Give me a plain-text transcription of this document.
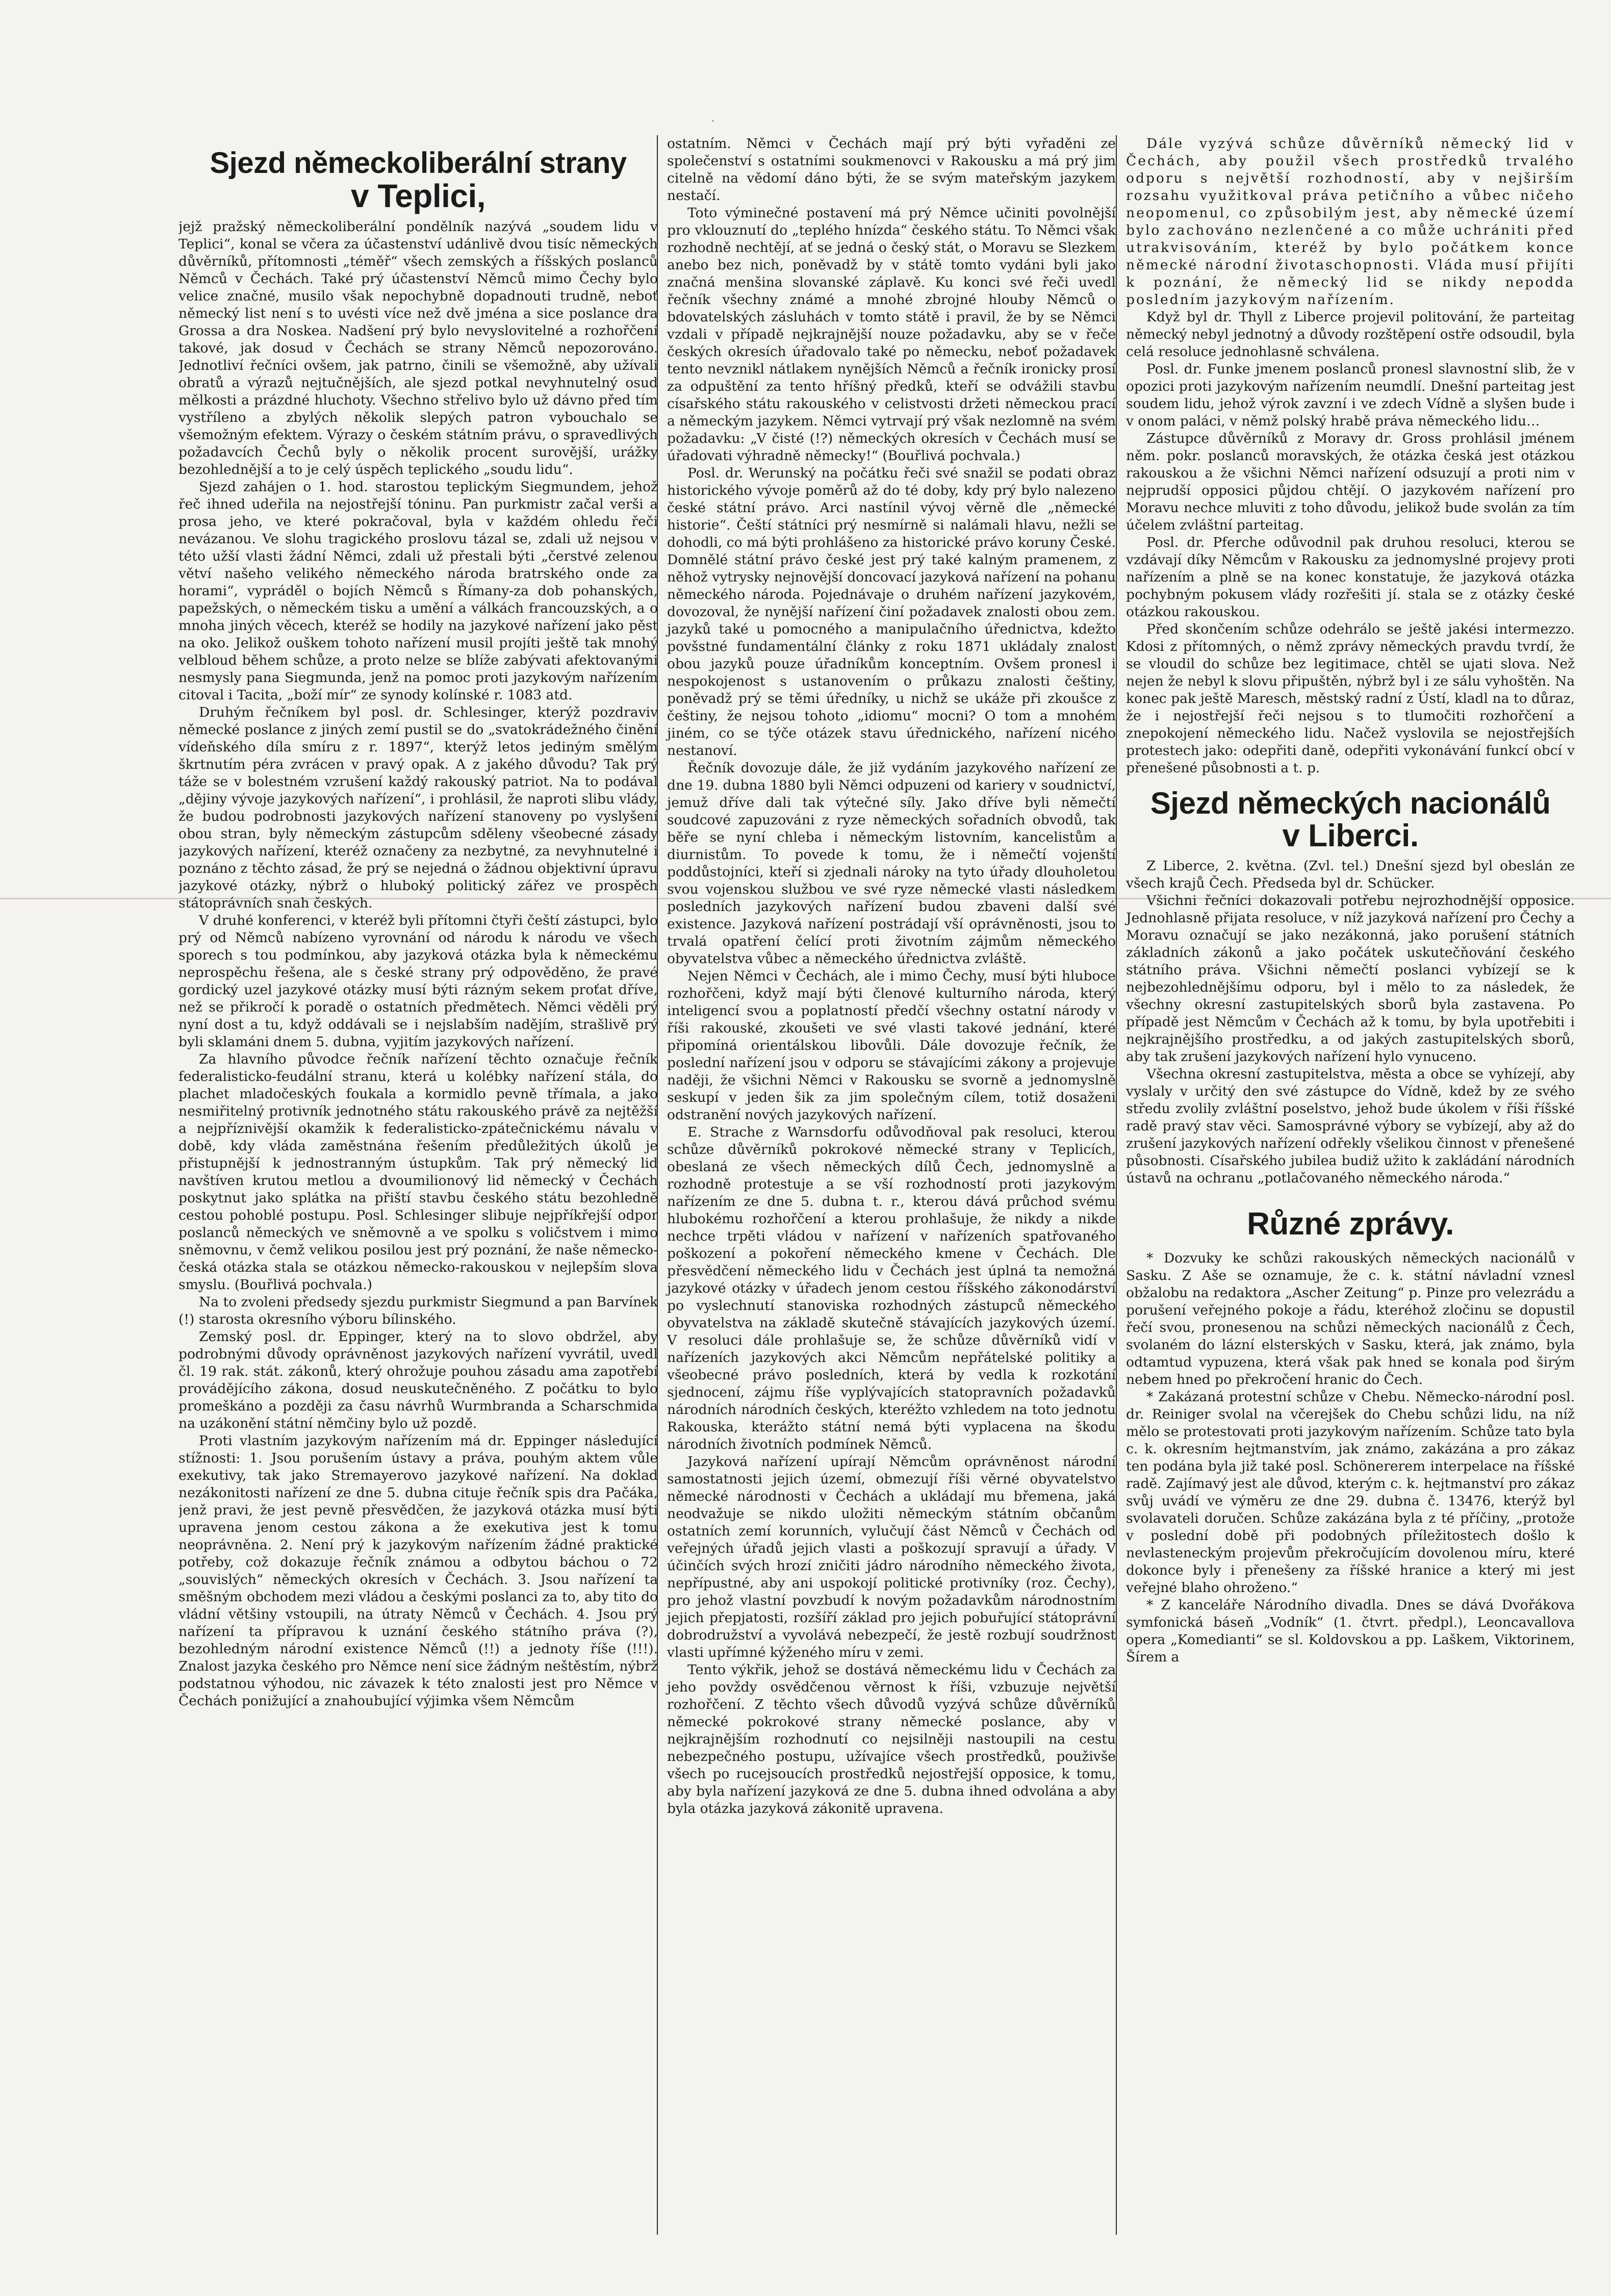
·
Sjezd německoliberální strany
v Teplici,

jejž pražský německoliberální pondělník nazývá „soudem lidu v Teplici“, konal se včera za účastenství udánlivě dvou tisíc německých důvěrníků, přítomnosti „téměř“ všech zemských a říšských poslanců Němců v Čechách. Také prý účastenství Němců mimo Čechy bylo velice značné, musilo však nepochybně dopadnouti trudně, neboť německý list není s to uvésti více než dvě jména a sice poslance dra Grossa a dra Noskea. Nadšení prý bylo nevyslovitelné a rozhořčení takové, jak dosud v Čechách se strany Němců nepozorováno. Jednotliví řečníci ovšem, jak patrno, činili se všemožně, aby užívali obratů a výrazů nejtučnějších, ale sjezd potkal nevyhnutelný osud mělkosti a prázdné hluchoty. Všechno střelivo bylo už dávno před tím vystříleno a zbylých několik slepých patron vybouchalo se všemožným efektem. Výrazy o českém státním právu, o spravedlivých požadavcích Čechů byly o několik procent surovější, urážky bezohlednější a to je celý úspěch teplického „soudu lidu“.

Sjezd zahájen o 1. hod. starostou teplickým Siegmundem, jehož řeč ihned udeřila na nejostřejší tóninu. Pan purkmistr začal verši a prosa jeho, ve které pokračoval, byla v každém ohledu řeči nevázanou. Ve slohu tragického proslovu tázal se, zdali už nejsou v této užší vlasti žádní Němci, zdali už přestali býti „čerstvé zelenou větví našeho velikého německého národa bratrského onde za horami“, vypráděl o bojích Němců s Římany-za dob pohanských, papežských, o německém tisku a umění a válkách francouzských, a o mnoha jiných věcech, kteréž se hodily na jazykové nařízení jako pěst na oko. Jelikož ouškem tohoto nařízení musil projíti ještě tak mnohý velbloud během schůze, a proto nelze se blíže zabývati afektovanými nesmysly pana Siegmunda, jenž na pomoc proti jazykovým nařízením citoval i Tacita, „boží mír“ ze synody kolínské r. 1083 atd.

Druhým řečníkem byl posl. dr. Schlesinger, kterýž pozdraviv německé poslance z jiných zemí pustil se do „svatokrádežného činění vídeňského díla smíru z r. 1897“, kterýž letos jediným smělým škrtnutím péra zvrácen v pravý opak. A z jakého důvodu? Tak prý táže se v bolestném vzrušení každý rakouský patriot. Na to podával „dějiny vývoje jazykových nařízení“, i prohlásil, že naproti slibu vlády, že budou podrobnosti jazykových nařízení stanoveny po vyslyšení obou stran, byly německým zástupcům sděleny všeobecné zásady jazykových nařízení, kteréž označeny za nezbytné, za nevyhnutelné i poznáno z těchto zásad, že prý se nejedná o žádnou objektivní úpravu jazykové otázky, nýbrž o hluboký politický zářez ve prospěch státoprávních snah českých.

V druhé konferenci, v kteréž byli přítomni čtyři čeští zástupci, bylo prý od Němců nabízeno vyrovnání od národu k národu ve všech sporech s tou podmínkou, aby jazyková otázka byla k německému neprospěchu řešena, ale s české strany prý odpověděno, že pravé gordický uzel jazykové otázky musí býti rázným sekem proťat dříve, než se přikročí k poradě o ostatních předmětech. Němci věděli prý nyní dost a tu, když oddávali se i nejslabším nadějím, strašlivě prý byli sklamáni dnem 5. dubna, vyjitím jazykových nařízení.

Za hlavního původce řečník nařízení těchto označuje řečník federalisticko-feudální stranu, která u kolébky nařízení stála, do plachet mladočeských foukala a kormidlo pevně třímala, a jako nesmiřitelný protivník jednotného státu rakouského právě za nejtěžší a nejpříznivější okamžik k federalisticko-zpátečnickému návalu v době, kdy vláda zaměstnána řešením předůležitých úkolů je přistupnější k jednostranným ústupkům. Tak prý německý lid navštíven krutou metlou a dvoumilionový lid německý v Čechách poskytnut jako splátka na přiští stavbu českého státu bezohledně cestou pohoblé postupu. Posl. Schlesinger slibuje nejpříkřejší odpor poslanců německých ve sněmovně a ve spolku s voličstvem i mimo sněmovnu, v čemž velikou posilou jest prý poznání, že naše německo-česká otázka stala se otázkou německo-rakouskou v nejlepším slova smyslu. (Bouřlivá pochvala.)

Na to zvoleni předsedy sjezdu purkmistr Siegmund a pan Barvínek (!) starosta okresního výboru bílinského.

Zemský posl. dr. Eppinger, který na to slovo obdržel, aby podrobnými důvody oprávněnost jazykových nařízení vyvrátil, uvedl čl. 19 rak. stát. zákonů, který ohrožuje pouhou zásadu ama zapotřebí provádějícího zákona, dosud neuskutečněného. Z počátku to bylo promeškáno a později za času návrhů Wurmbranda a Scharschmida na uzákonění státní němčiny bylo už pozdě.

Proti vlastním jazykovým nařízením má dr. Eppinger následující stížnosti: 1. Jsou porušením ústavy a práva, pouhým aktem vůle exekutivy, tak jako Stremayerovo jazykové nařízení. Na doklad nezákonitosti nařízení ze dne 5. dubna cituje řečník spis dra Pačáka, jenž pravi, že jest pevně přesvědčen, že jazyková otázka musí býti upravena jenom cestou zákona a že exekutiva jest k tomu neoprávněna. 2. Není prý k jazykovým nařízením žádné praktické potřeby, což dokazuje řečník známou a odbytou báchou o 72 „souvislých“ německých okresích v Čechách. 3. Jsou nařízení ta směšným obchodem mezi vládou a českými poslanci za to, aby tito do vládní většiny vstoupili, na útraty Němců v Čechách. 4. Jsou prý nařízení ta přípravou k uznání českého státního práva (?), bezohledným národní existence Němců (!!) a jednoty říše (!!!). Znalost jazyka českého pro Němce není sice žádným neštěstím, nýbrž podstatnou výhodou, nic závazek k této znalosti jest pro Němce v Čechách ponižující a znahoubující výjimka všem Němcům

ostatním. Němci v Čechách mají prý býti vyřaděni ze společenství s ostatními soukmenovci v Rakousku a má prý jim citelně na vědomí dáno býti, že se svým mateřským jazykem nestačí.

Toto výminečné postavení má prý Němce učiniti povolnější pro vklouznutí do „teplého hnízda“ českého státu. To Němci však rozhodně nechtějí, ať se jedná o český stát, o Moravu se Slezkem anebo bez nich, poněvadž by v státě tomto vydáni byli jako značná menšina slovanské záplavě. Ku konci své řeči uvedl řečník všechny známé a mnohé zbrojné hlouby Němců o bdovatelských zásluhách v tomto státě i pravil, že by se Němci vzdali v případě nejkrajnější nouze požadavku, aby se v řeče českých okresích úřadovalo také po německu, neboť požadavek tento nevznikl nátlakem nynějších Němců a řečník ironicky prosí za odpuštění za tento hříšný předků, kteří se odvážili stavbu císařského státu rakouského v celistvosti držeti německou prací a německým jazykem. Němci vytrvají prý však nezlomně na svém požadavku: „V čisté (!?) německých okresích v Čechách musí se úřadovati výhradně německy!“ (Bouřlivá pochvala.)

Posl. dr. Werunský na počátku řeči své snažil se podati obraz historického vývoje poměrů až do té doby, kdy prý bylo nalezeno české státní právo. Arci nastínil vývoj věrně dle „německé historie“. Čeští státníci prý nesmírně si nalámali hlavu, nežli se dohodli, co má býti prohlášeno za historické právo koruny České. Domnělé státní právo české jest prý také kalným pramenem, z něhož vytrysky nejnovější doncovací jazyková nařízení na pohanu německého národa. Pojednávaje o druhém nařízení jazykovém, dovozoval, že nynější nařízení činí požadavek znalosti obou zem. jazyků také u pomocného a manipulačního úřednictva, kdežto povšstné fundamentální články z roku 1871 ukládaly znalost obou jazyků pouze úřadníkům konceptním. Ovšem pronesl i nespokojenost s ustanovením o průkazu znalosti češtiny, poněvadž prý se těmi úředníky, u nichž se ukáže při zkoušce z češtiny, že nejsou tohoto „idiomu“ mocni? O tom a mnohém jiném, co se týče otázek stavu úřednického, nařízení nicého nestanoví.

Řečník dovozuje dále, že již vydáním jazykového nařízení ze dne 19. dubna 1880 byli Němci odpuzeni od kariery v soudnictví, jemuž dříve dali tak výtečné síly. Jako dříve byli němečtí soudcové zapuzováni z ryze německých sořadních obvodů, tak běře se nyní chleba i německým listovním, kancelistům a diurnistům. To povede k tomu, že i němečtí vojenští poddůstojníci, kteří si zjednali nároky na tyto úřady dlouholetou svou vojenskou službou ve své ryze německé vlasti následkem posledních jazykových nařízení budou zbaveni další své existence. Jazyková nařízení postrádají vší oprávněnosti, jsou to trvalá opatření čelící proti životním zájmům německého obyvatelstva vůbec a německého úřednictva zvláště.

Nejen Němci v Čechách, ale i mimo Čechy, musí býti hluboce rozhořčeni, když mají býti členové kulturního národa, který inteligencí svou a poplatností předčí všechny ostatní národy v říši rakouské, zkoušeti ve své vlasti takové jednání, které připomíná orientálskou libovůli. Dále dovozuje řečník, že poslední nařízení jsou v odporu se stávajícími zákony a projevuje naději, že všichni Němci v Rakousku se svorně a jednomyslně seskupí v jeden šik za jim společným cílem, totiž dosaženi odstranění nových jazykových nařízení.

E. Strache z Warnsdorfu odůvodňoval pak resoluci, kterou schůze důvěrníků pokrokové německé strany v Teplicích, obeslaná ze všech německých dílů Čech, jednomyslně a rozhodně protestuje a se vší rozhodností proti jazykovým nařízením ze dne 5. dubna t. r., kterou dává průchod svému hlubokému rozhořčení a kterou prohlašuje, že nikdy a nikde nechce trpěti vládou v nařízení v nařízeních spatřovaného poškození a pokoření německého kmene v Čechách. Dle přesvědčení německého lidu v Čechách jest úplná ta nemožná jazykové otázky v úřadech jenom cestou říšského zákonodárství po vyslechnutí stanoviska rozhodných zástupců německého obyvatelstva na základě skutečně stávajících jazykových území. V resoluci dále prohlašuje se, že schůze důvěrníků vidí v nařízeních jazykových akci Němcům nepřátelské politiky a všeobecné právo posledních, která by vedla k rozkotání sjednocení, zájmu říše vyplývajících statopravních požadavků národních národních českých, kteréžto vzhledem na toto jednotu Rakouska, kterážto státní nemá býti vyplacena na škodu národních životních podmínek Němců.

Jazyková nařízení upírají Němcům oprávněnost národní samostatnosti jejich území, obmezují říši věrné obyvatelstvo německé národnosti v Čechách a ukládají mu břemena, jaká neodvažuje se nikdo uložiti německým státním občanům ostatních zemí korunních, vylučují část Němců v Čechách od veřejných úřadů jejich vlasti a poškozují spravují a úřady. V účinčích svých hrozí zničiti jádro národního německého života, nepřípustné, aby ani uspokojí politické protivníky (roz. Čechy), pro jehož vlastní povzbudí k novým požadavkům národnostním jejich přepjatosti, rozšíří základ pro jejich pobuřující státoprávní dobrodružství a vyvolává nebezpečí, že jestě rozbují soudržnost vlasti upřímné kýženého míru v zemi.

Tento výkřik, jehož se dostává německému lidu v Čechách za jeho povždy osvědčenou věrnost k říši, vzbuzuje největší rozhořčení. Z těchto všech důvodů vyzývá schůze důvěrníků německé pokrokové strany německé poslance, aby v nejkrajnějším rozhodnutí co nejsilněji nastoupili na cestu nebezpečného postupu, užívajíce všech prostředků, použivše všech po rucejsoucích prostředků nejostřejší opposice, k tomu, aby byla nařízení jazyková ze dne 5. dubna ihned odvolána a aby byla otázka jazyková zákonitě upravena.

Dále vyzývá schůze důvěrníků německý lid v Čechách, aby použil všech prostředků trvalého odporu s největší rozhodností, aby v nejširším rozsahu využitkoval práva petičního a vůbec ničeho neopomenul, co způsobilým jest, aby německé území bylo zachováno nezlenčené a co může uchrániti před utrakvisováním, kteréž by bylo počátkem konce německé národní životaschopnosti. Vláda musí přijíti k poznání, že německý lid se nikdy nepodda posledním jazykovým nařízením.

Když byl dr. Thyll z Liberce projevil politování, že parteitag německý nebyl jednotný a důvody rozštěpení ostře odsoudil, byla celá resoluce jednohlasně schválena.

Posl. dr. Funke jmenem poslanců pronesl slavnostní slib, že v opozici proti jazykovým nařízením neumdlí. Dnešní parteitag jest soudem lidu, jehož výrok zavzní i ve zdech Vídně a slyšen bude i v onom paláci, v němž polský hrabě práva německého lidu…

Zástupce důvěrníků z Moravy dr. Gross prohlásil jménem něm. pokr. poslanců moravských, že otázka česká jest otázkou rakouskou a že všichni Němci nařízení odsuzují a proti nim v nejprudší opposici půjdou chtějí. O jazykovém nařízení pro Moravu nechce mluviti z toho důvodu, jelikož bude svolán za tím účelem zvláštní parteitag.

Posl. dr. Pferсhe odůvodnil pak druhou resoluci, kterou se vzdávají díky Němcům v Rakousku za jednomyslné projevy proti nařízením a plně se na konec konstatuje, že jazyková otázka pochybným pokusem vlády rozřešiti jí. stala se z otázky české otázkou rakouskou.

Před skončením schůze odehrálo se ještě jakési intermezzo. Kdosi z přítomných, o němž zprávy německých pravdu tvrdí, že se vloudil do schůze bez legitimace, chtěl se ujati slova. Než nejen že nebyl k slovu připuštěn, nýbrž byl i ze sálu vyhoštěn. Na konec pak ještě Maresch, městský radní z Ústí, kladl na to důraz, že i nejostřejší řeči nejsou s to tlumočiti rozhořčení a znepokojení německého lidu. Načež vyslovila se nejostřejších protestech jako: odepřiti daně, odepřiti vykonávání funkcí obcí v přenešené působnosti a t. p.

Sjezd německých nacionálů
v Liberci.

Z Liberce, 2. května. (Zvl. tel.) Dnešní sjezd byl obeslán ze všech krajů Čech. Předseda byl dr. Schücker.

Všichni řečníci dokazovali potřebu nejrozhodnější opposice. Jednohlasně přijata resoluce, v níž jazyková nařízení pro Čechy a Moravu označují se jako nezákonná, jako porušení státních základních zákonů a jako počátek uskutečňování českého státního práva. Všichni němečtí poslanci vybízejí se k nejbezohlednějšímu odporu, byl i mělo to za následek, že všechny okresní zastupitelských sborů byla zastavena. Po případě jest Němcům v Čechách až k tomu, by byla upotřebiti i nejkrajnějšího prostředku, a od jakých zastupitelských sborů, aby tak zrušení jazykových nařízení hylo vynuceno.

Všechna okresní zastupitelstva, města a obce se vyhízejí, aby vyslaly v určitý den své zástupce do Vídně, kdež by ze svého středu zvolily zvláštní poselstvo, jehož bude úkolem v říši říšské radě pravý stav věci. Samosprávné výbory se vybízejí, aby až do zrušení jazykových nařízení odřekly všelikou činnost v přenešené působnosti. Císařského jubilea budiž užito k zakládání národních ústavů na ochranu „potlačovaného německého národa.“

Různé zprávy.

* Dozvuky ke schůzi rakouských německých nacionálů v Sasku. Z Aše se oznamuje, že c. k. státní návladní vznesl obžalobu na redaktora „Ascher Zeitung“ p. Pinze pro velezrádu a porušení veřejného pokoje a řádu, kteréhož zločinu se dopustil řečí svou, pronesenou na schůzi německých nacionálů z Čech, svolaném do lázní elsterských v Sasku, která, jak známo, byla odtamtud vypuzena, která však pak hned se konala pod širým nebem hned po překročení hranic do Čech.

* Zakázaná protestní schůze v Chebu. Německo-národní posl. dr. Reiniger svolal na včerejšek do Chebu schůzi lidu, na níž mělo se protestovati proti jazykovým nařízením. Schůze tato byla c. k. okresním hejtmanstvím, jak známo, zakázána a pro zákaz ten podána byla již také posl. Schönererem interpelace na říšské radě. Zajímavý jest ale důvod, kterým c. k. hejtmanství pro zákaz svůj uvádí ve výměru ze dne 29. dubna č. 13476, kterýž byl svolavateli doručen. Schůze zakázána byla z té příčiny, „protože v poslední době při podobných příležitostech došlo k nevlasteneckým projevům překročujícím dovolenou míru, které dokonce byly i přenešeny za říšské hranice a který mi jest veřejné blaho ohroženo.“

* Z kanceláře Národního divadla. Dnes se dává Dvořákova symfonická báseň „Vodník“ (1. čtvrt. předpl.), Leoncavallova opera „Komedianti“ se sl. Koldovskou a pp. Laškem, Viktorinem, Šírem a
